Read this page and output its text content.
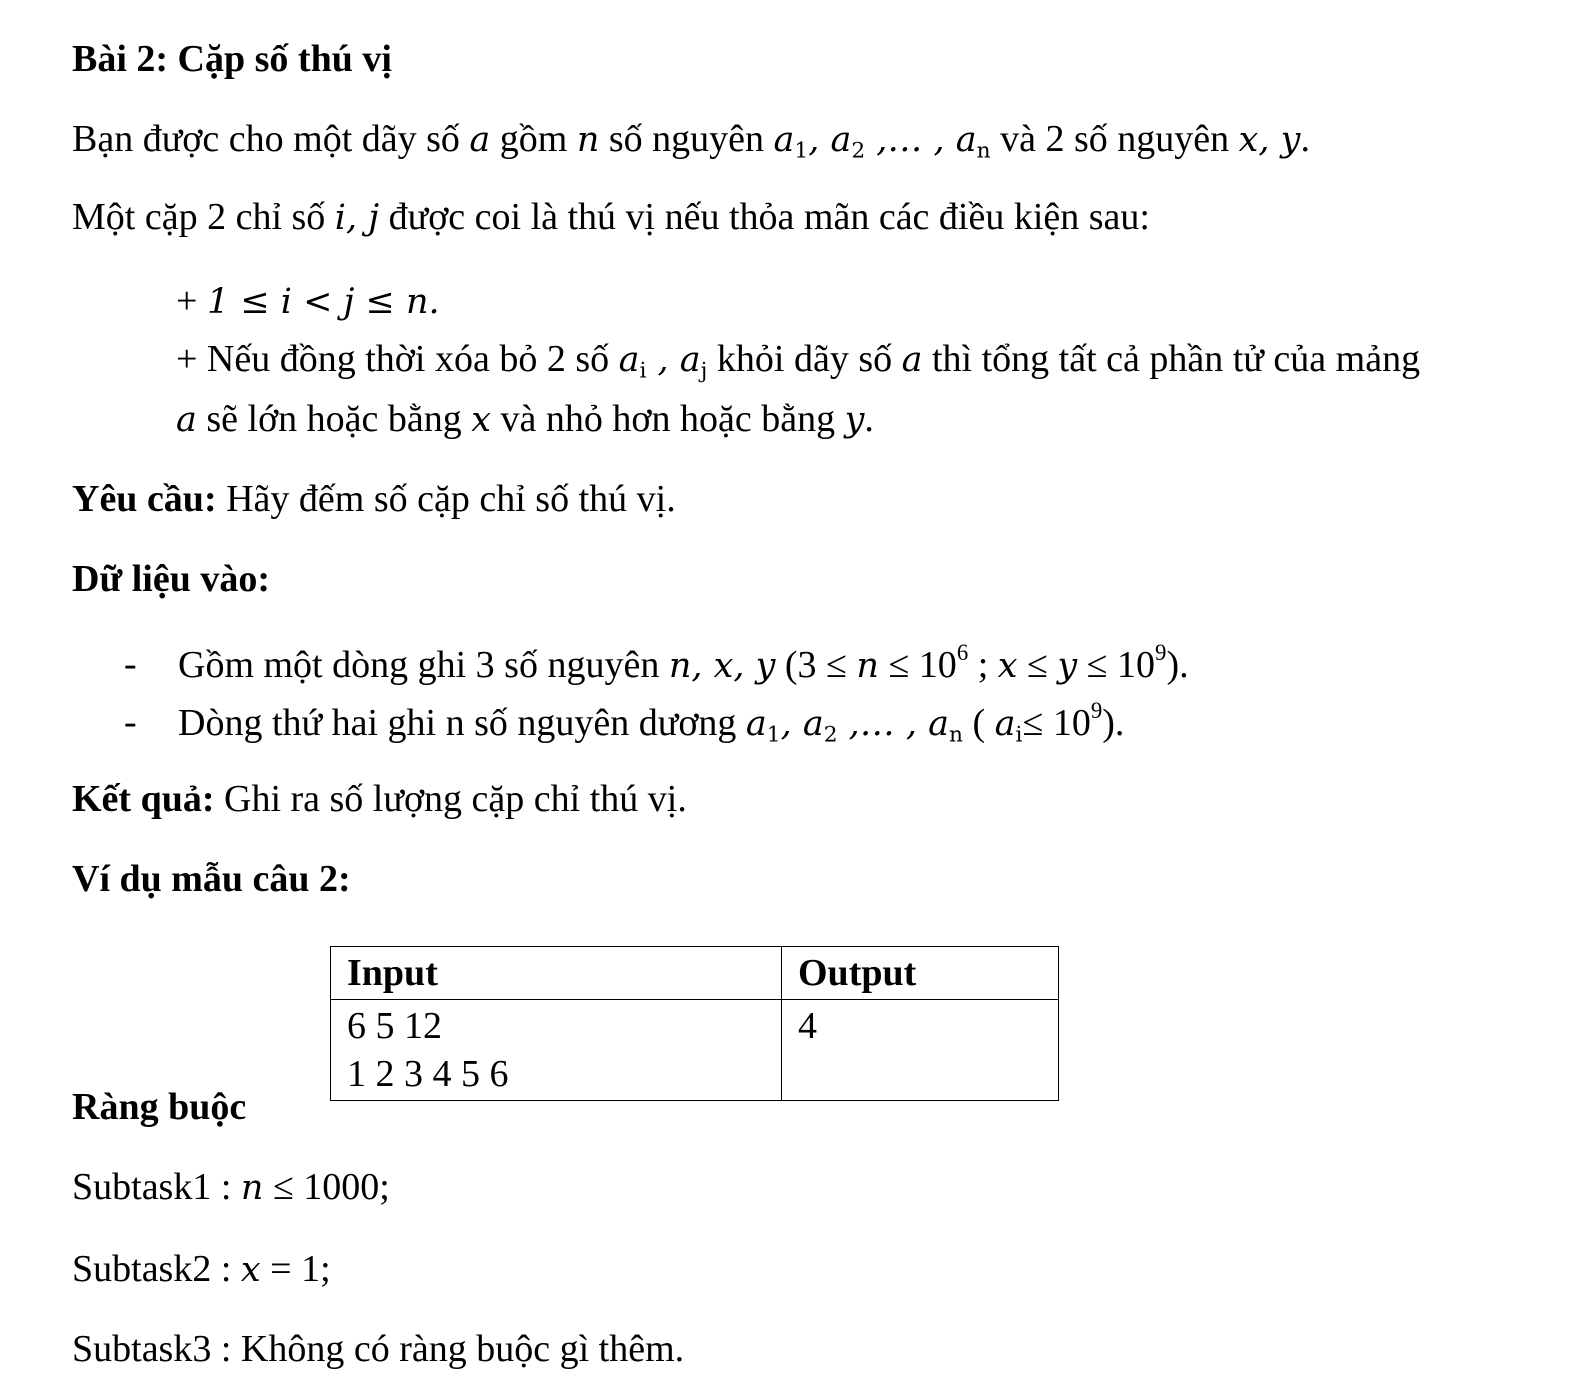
Bài 2: Cặp số thú vị
Bạn được cho một dãy số a gồm n số nguyên $a_1$, $a_2$ ,… , $a_n$ và 2 số nguyên x, y.
Một cặp 2 chỉ số i, j được coi là thú vị nếu thỏa mãn các điều kiện sau:
+ 1 ≤ i < j ≤ n.
+ Nếu đồng thời xóa bỏ 2 số $a_i$ , $a_j$ khỏi dãy số a thì tổng tất cả phần tử của mảng
a sẽ lớn hoặc bằng x và nhỏ hơn hoặc bằng y.
Yêu cầu: Hãy đếm số cặp chỉ số thú vị.
Dữ liệu vào:
- Gồm một dòng ghi 3 số nguyên n, x, y ($3 \le n \le 10^6$ ; $x \le y \le 10^9$).
- Dòng thứ hai ghi n số nguyên dương $a_1$, $a_2$ ,… , $a_n$ ( $a_i\le 10^9$).
Kết quả: Ghi ra số lượng cặp chỉ thú vị.
Ví dụ mẫu câu 2:
Input	Output

6 5 12
1 2 3 4 5 6	4
Ràng buộc
Subtask1 : n ≤ 1000;
Subtask2 : x = 1;
Subtask3 : Không có ràng buộc gì thêm.
